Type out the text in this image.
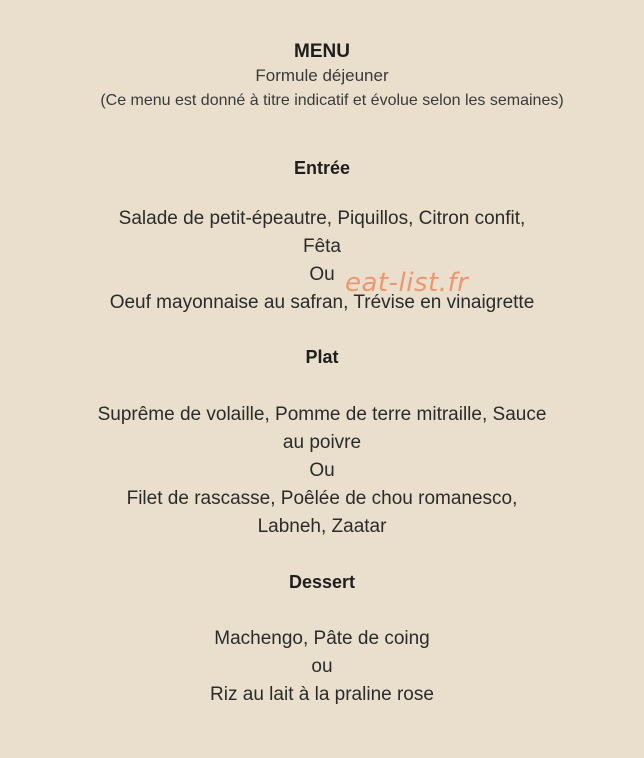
MENU
Formule déjeuner
(Ce menu est donné à titre indicatif et évolue selon les semaines)
Entrée

Salade de petit-épeautre, Piquillos, Citron confit,

Fêta

Ou

Oeuf mayonnaise au safran, Trévise en vinaigrette

Plat

Suprême de volaille, Pomme de terre mitraille, Sauce

au poivre

Ou

Filet de rascasse, Poêlée de chou romanesco,

Labneh, Zaatar

Dessert

Machengo, Pâte de coing

ou

Riz au lait à la praline rose

eat-list.fr
